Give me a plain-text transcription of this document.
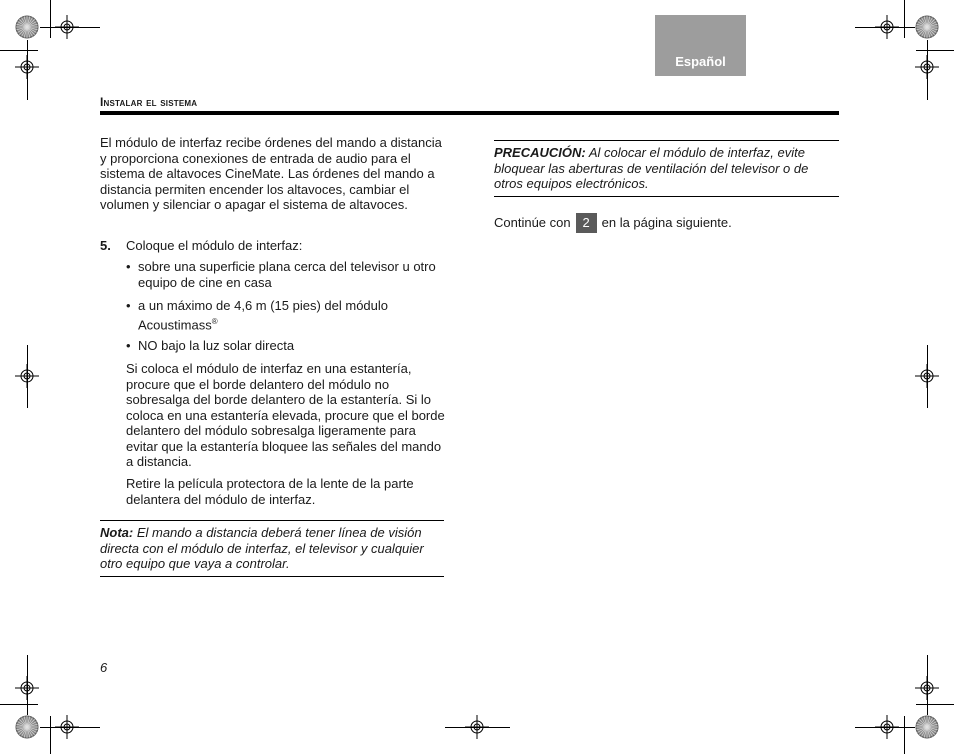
Español
Instalar el sistema

El módulo de interfaz recibe órdenes del mando a distancia y proporciona conexiones de entrada de audio para el sistema de altavoces CineMate. Las órdenes del mando a distancia permiten encender los altavoces, cambiar el volumen y silenciar o apagar el sistema de altavoces.

5. Coloque el módulo de interfaz:
• sobre una superficie plana cerca del televisor u otro equipo de cine en casa
• a un máximo de 4,6 m (15 pies) del módulo Acoustimass®
• NO bajo la luz solar directa

Si coloca el módulo de interfaz en una estantería, procure que el borde delantero del módulo no sobresalga del borde delantero de la estantería. Si lo coloca en una estantería elevada, procure que el borde delantero del módulo sobresalga ligeramente para evitar que la estantería bloquee las señales del mando a distancia.

Retire la película protectora de la lente de la parte delantera del módulo de interfaz.

Nota: El mando a distancia deberá tener línea de visión directa con el módulo de interfaz, el televisor y cualquier otro equipo que vaya a controlar.
PRECAUCIÓN: Al colocar el módulo de interfaz, evite bloquear las aberturas de ventilación del televisor o de otros equipos electrónicos.
Continúe con 2 en la página siguiente.
6
